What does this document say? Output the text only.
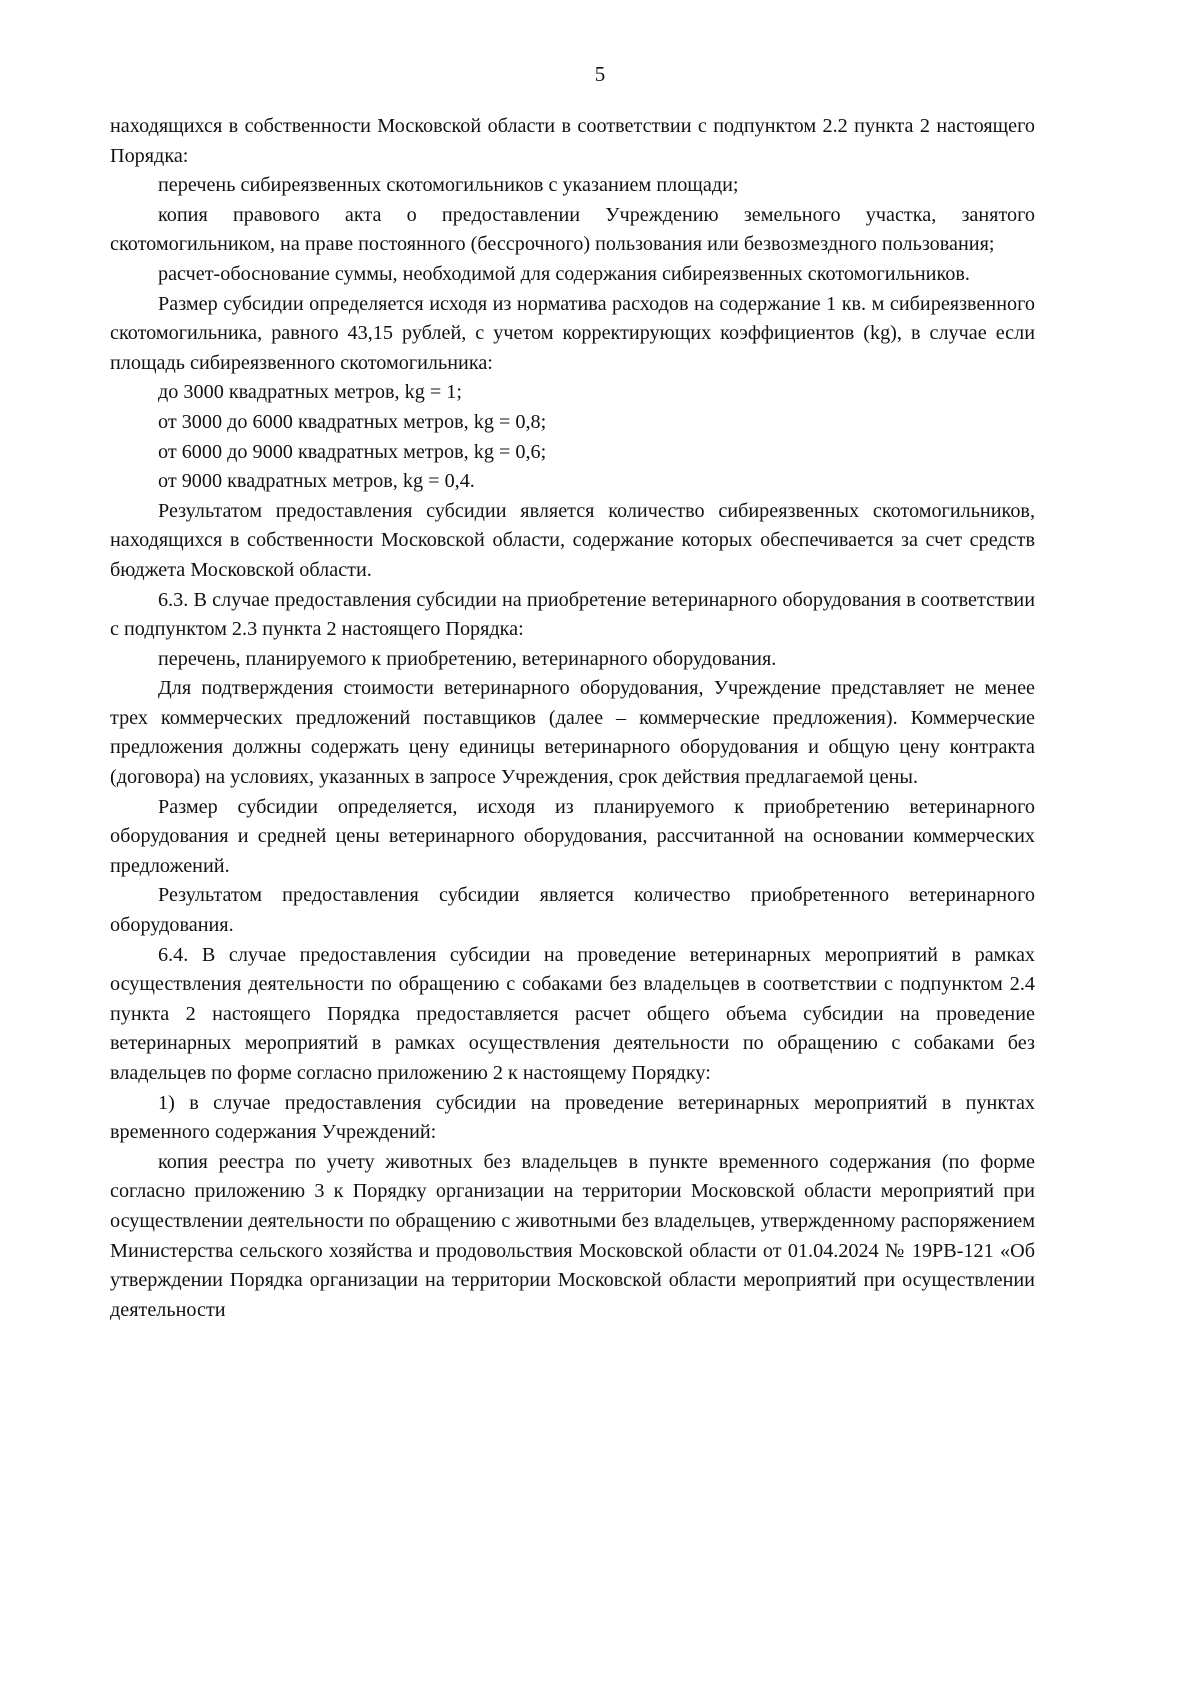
5

находящихся в собственности Московской области в соответствии с подпунктом 2.2 пункта 2 настоящего Порядка:

перечень сибиреязвенных скотомогильников с указанием площади;

копия правового акта о предоставлении Учреждению земельного участка, занятого скотомогильником, на праве постоянного (бессрочного) пользования или безвозмездного пользования;

расчет-обоснование суммы, необходимой для содержания сибиреязвенных скотомогильников.

Размер субсидии определяется исходя из норматива расходов на содержание 1 кв. м сибиреязвенного скотомогильника, равного 43,15 рублей, с учетом корректирующих коэффициентов (kg), в случае если площадь сибиреязвенного скотомогильника:

до 3000 квадратных метров, kg = 1;

от 3000 до 6000 квадратных метров, kg = 0,8;

от 6000 до 9000 квадратных метров, kg = 0,6;

от 9000 квадратных метров, kg = 0,4.

Результатом предоставления субсидии является количество сибиреязвенных скотомогильников, находящихся в собственности Московской области, содержание которых обеспечивается за счет средств бюджета Московской области.

6.3. В случае предоставления субсидии на приобретение ветеринарного оборудования в соответствии с подпунктом 2.3 пункта 2 настоящего Порядка:

перечень, планируемого к приобретению, ветеринарного оборудования.

Для подтверждения стоимости ветеринарного оборудования, Учреждение представляет не менее трех коммерческих предложений поставщиков (далее – коммерческие предложения). Коммерческие предложения должны содержать цену единицы ветеринарного оборудования и общую цену контракта (договора) на условиях, указанных в запросе Учреждения, срок действия предлагаемой цены.

Размер субсидии определяется, исходя из планируемого к приобретению ветеринарного оборудования и средней цены ветеринарного оборудования, рассчитанной на основании коммерческих предложений.

Результатом предоставления субсидии является количество приобретенного ветеринарного оборудования.

6.4. В случае предоставления субсидии на проведение ветеринарных мероприятий в рамках осуществления деятельности по обращению с собаками без владельцев в соответствии с подпунктом 2.4 пункта 2 настоящего Порядка предоставляется расчет общего объема субсидии на проведение ветеринарных мероприятий в рамках осуществления деятельности по обращению с собаками без владельцев по форме согласно приложению 2 к настоящему Порядку:

1) в случае предоставления субсидии на проведение ветеринарных мероприятий в пунктах временного содержания Учреждений:

копия реестра по учету животных без владельцев в пункте временного содержания (по форме согласно приложению 3 к Порядку организации на территории Московской области мероприятий при осуществлении деятельности по обращению с животными без владельцев, утвержденному распоряжением Министерства сельского хозяйства и продовольствия Московской области от 01.04.2024 № 19РВ-121 «Об утверждении Порядка организации на территории Московской области мероприятий при осуществлении деятельности
